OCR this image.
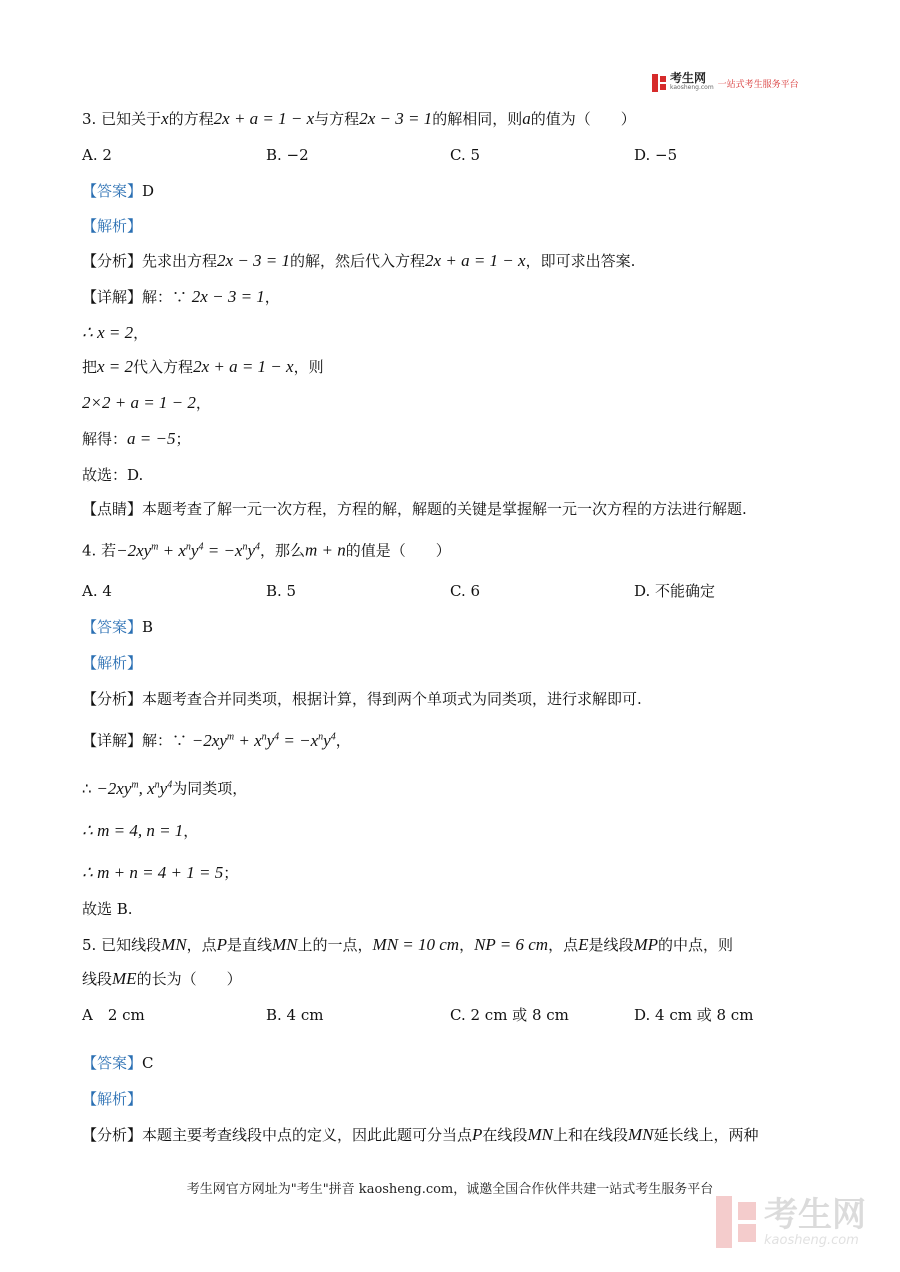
考生网
kaosheng.com 一站式考生服务平台
3. 已知关于x的方程2x + a = 1 − x与方程2x − 3 = 1的解相同，则a的值为（　　）
A. 2	B. −2	C. 5	D. −5
【答案】D
【解析】
【分析】先求出方程2x − 3 = 1的解，然后代入方程2x + a = 1 − x，即可求出答案.
【详解】解：∵ 2x − 3 = 1，
∴ x = 2，
把x = 2代入方程2x + a = 1 − x，则
2×2 + a = 1 − 2，
解得：a = −5；
故选：D.
【点睛】本题考查了解一元一次方程，方程的解，解题的关键是掌握解一元一次方程的方法进行解题.
4. 若$-2xy^m + x^ny^4 = -x^ny^4$，那么m + n的值是（　　）
A. 4	B. 5	C. 6	D. 不能确定
【答案】B
【解析】
【分析】本题考查合并同类项，根据计算，得到两个单项式为同类项，进行求解即可.
【详解】解：∵ $-2xy^m + x^ny^4 = -x^ny^4$，
∴ $-2xy^m$, $x^ny^4$为同类项，
∴ m = 4, n = 1，
∴ m + n = 4 + 1 = 5；
故选 B.
5. 已知线段MN，点P是直线MN上的一点，MN = 10 cm，NP = 6 cm，点E是线段MP的中点，则
线段ME的长为（　　）
A　2 cm	B. 4 cm	C. 2 cm 或 8 cm	D. 4 cm 或 8 cm
【答案】C
【解析】
【分析】本题主要考查线段中点的定义，因此此题可分当点P在线段MN上和在线段MN延长线上，两种
考生网官方网址为"考生"拼音 kaosheng.com，诚邀全国合作伙伴共建一站式考生服务平台
考生网
kaosheng.com
